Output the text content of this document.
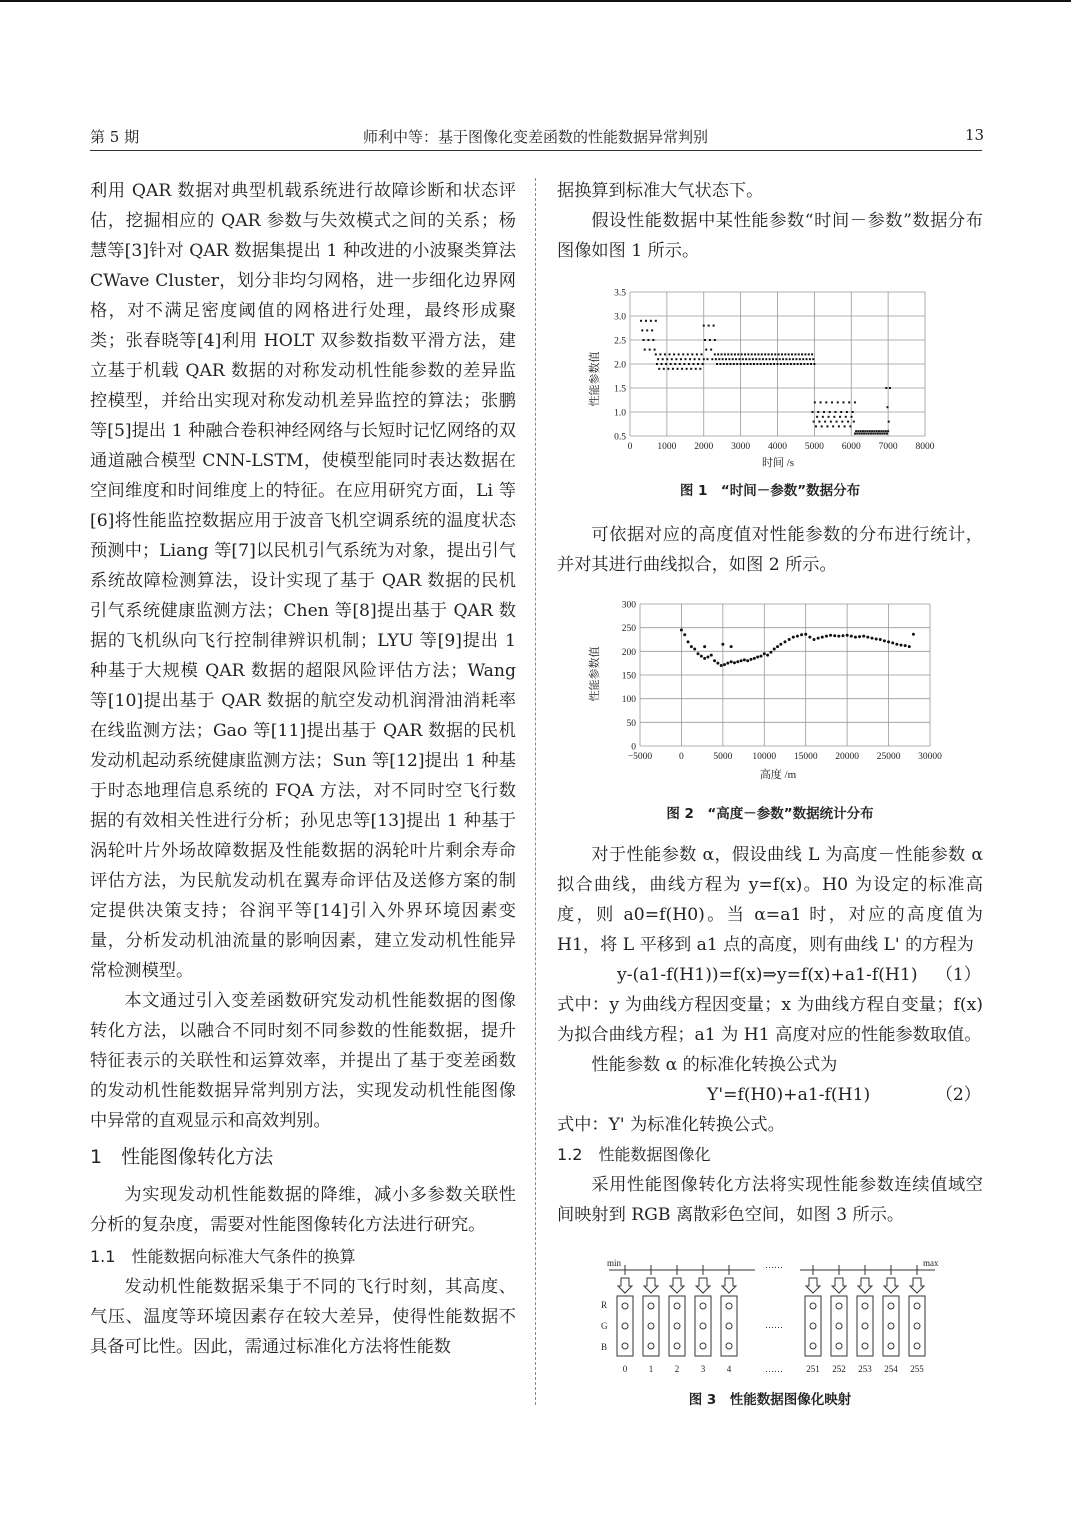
第 5 期	师利中等：基于图像化变差函数的性能数据异常判别	13

利用 QAR 数据对典型机载系统进行故障诊断和状态评估，挖掘相应的 QAR 参数与失效模式之间的关系；杨慧等[3]针对 QAR 数据集提出 1 种改进的小波聚类算法 CWave Cluster，划分非均匀网格，进一步细化边界网格，对不满足密度阈值的网格进行处理，最终形成聚类；张春晓等[4]利用 HOLT 双参数指数平滑方法，建立基于机载 QAR 数据的对称发动机性能参数的差异监控模型，并给出实现对称发动机差异监控的算法；张鹏等[5]提出 1 种融合卷积神经网络与长短时记忆网络的双通道融合模型 CNN-LSTM，使模型能同时表达数据在空间维度和时间维度上的特征。在应用研究方面，Li 等[6]将性能监控数据应用于波音飞机空调系统的温度状态预测中；Liang 等[7]以民机引气系统为对象，提出引气系统故障检测算法，设计实现了基于 QAR 数据的民机引气系统健康监测方法；Chen 等[8]提出基于 QAR 数据的飞机纵向飞行控制律辨识机制；LYU 等[9]提出 1 种基于大规模 QAR 数据的超限风险评估方法；Wang 等[10]提出基于 QAR 数据的航空发动机润滑油消耗率在线监测方法；Gao 等[11]提出基于 QAR 数据的民机发动机起动系统健康监测方法；Sun 等[12]提出 1 种基于时态地理信息系统的 FQA 方法，对不同时空飞行数据的有效相关性进行分析；孙见忠等[13]提出 1 种基于涡轮叶片外场故障数据及性能数据的涡轮叶片剩余寿命评估方法，为民航发动机在翼寿命评估及送修方案的制定提供决策支持；谷润平等[14]引入外界环境因素变量，分析发动机油流量的影响因素，建立发动机性能异常检测模型。

本文通过引入变差函数研究发动机性能数据的图像转化方法，以融合不同时刻不同参数的性能数据，提升特征表示的关联性和运算效率，并提出了基于变差函数的发动机性能数据异常判别方法，实现发动机性能图像中异常的直观显示和高效判别。

1　性能图像转化方法

为实现发动机性能数据的降维，减小多参数关联性分析的复杂度，需要对性能图像转化方法进行研究。

1.1　性能数据向标准大气条件的换算

发动机性能数据采集于不同的飞行时刻，其高度、气压、温度等环境因素存在较大差异，使得性能数据不具备可比性。因此，需通过标准化方法将性能数

据换算到标准大气状态下。

假设性能数据中某性能参数“时间－参数”数据分布图像如图 1 所示。

0.5
1.0
1.5
2.0
2.5
3.0
3.5
0	1000 2000 3000 4000 5000 6000 7000 8000
性能参数值
时间 /s
图 1　“时间－参数”数据分布

可依据对应的高度值对性能参数的分布进行统计，并对其进行曲线拟合，如图 2 所示。

0
50
100
150
200
250
300
−5000	0	5000 10000 15000 20000 25000 30000
性能参数值
高度 /m
图 2　“高度－参数”数据统计分布

对于性能参数 α，假设曲线 L 为高度－性能参数 α 拟合曲线，曲线方程为 y=f(x)。H0 为设定的标准高度，则 a0=f(H0)。当 α=a1 时，对应的高度值为 H1，将 L 平移到 a1 点的高度，则有曲线 L' 的方程为

y-(a1-f(H1))=f(x)⇒y=f(x)+a1-f(H1) （1）

式中：y 为曲线方程因变量；x 为曲线方程自变量；f(x) 为拟合曲线方程；a1 为 H1 高度对应的性能参数取值。

性能参数 α 的标准化转换公式为

Y'=f(H0)+a1-f(H1)	（2）

式中：Y' 为标准化转换公式。

1.2　性能数据图像化

采用性能图像转化方法将实现性能参数连续值域空间映射到 RGB 离散彩色空间，如图 3 所示。

min	max
……
……
……
R
G
B
0 1 2 3 4	251 252 253 254 255
图 3　性能数据图像化映射
